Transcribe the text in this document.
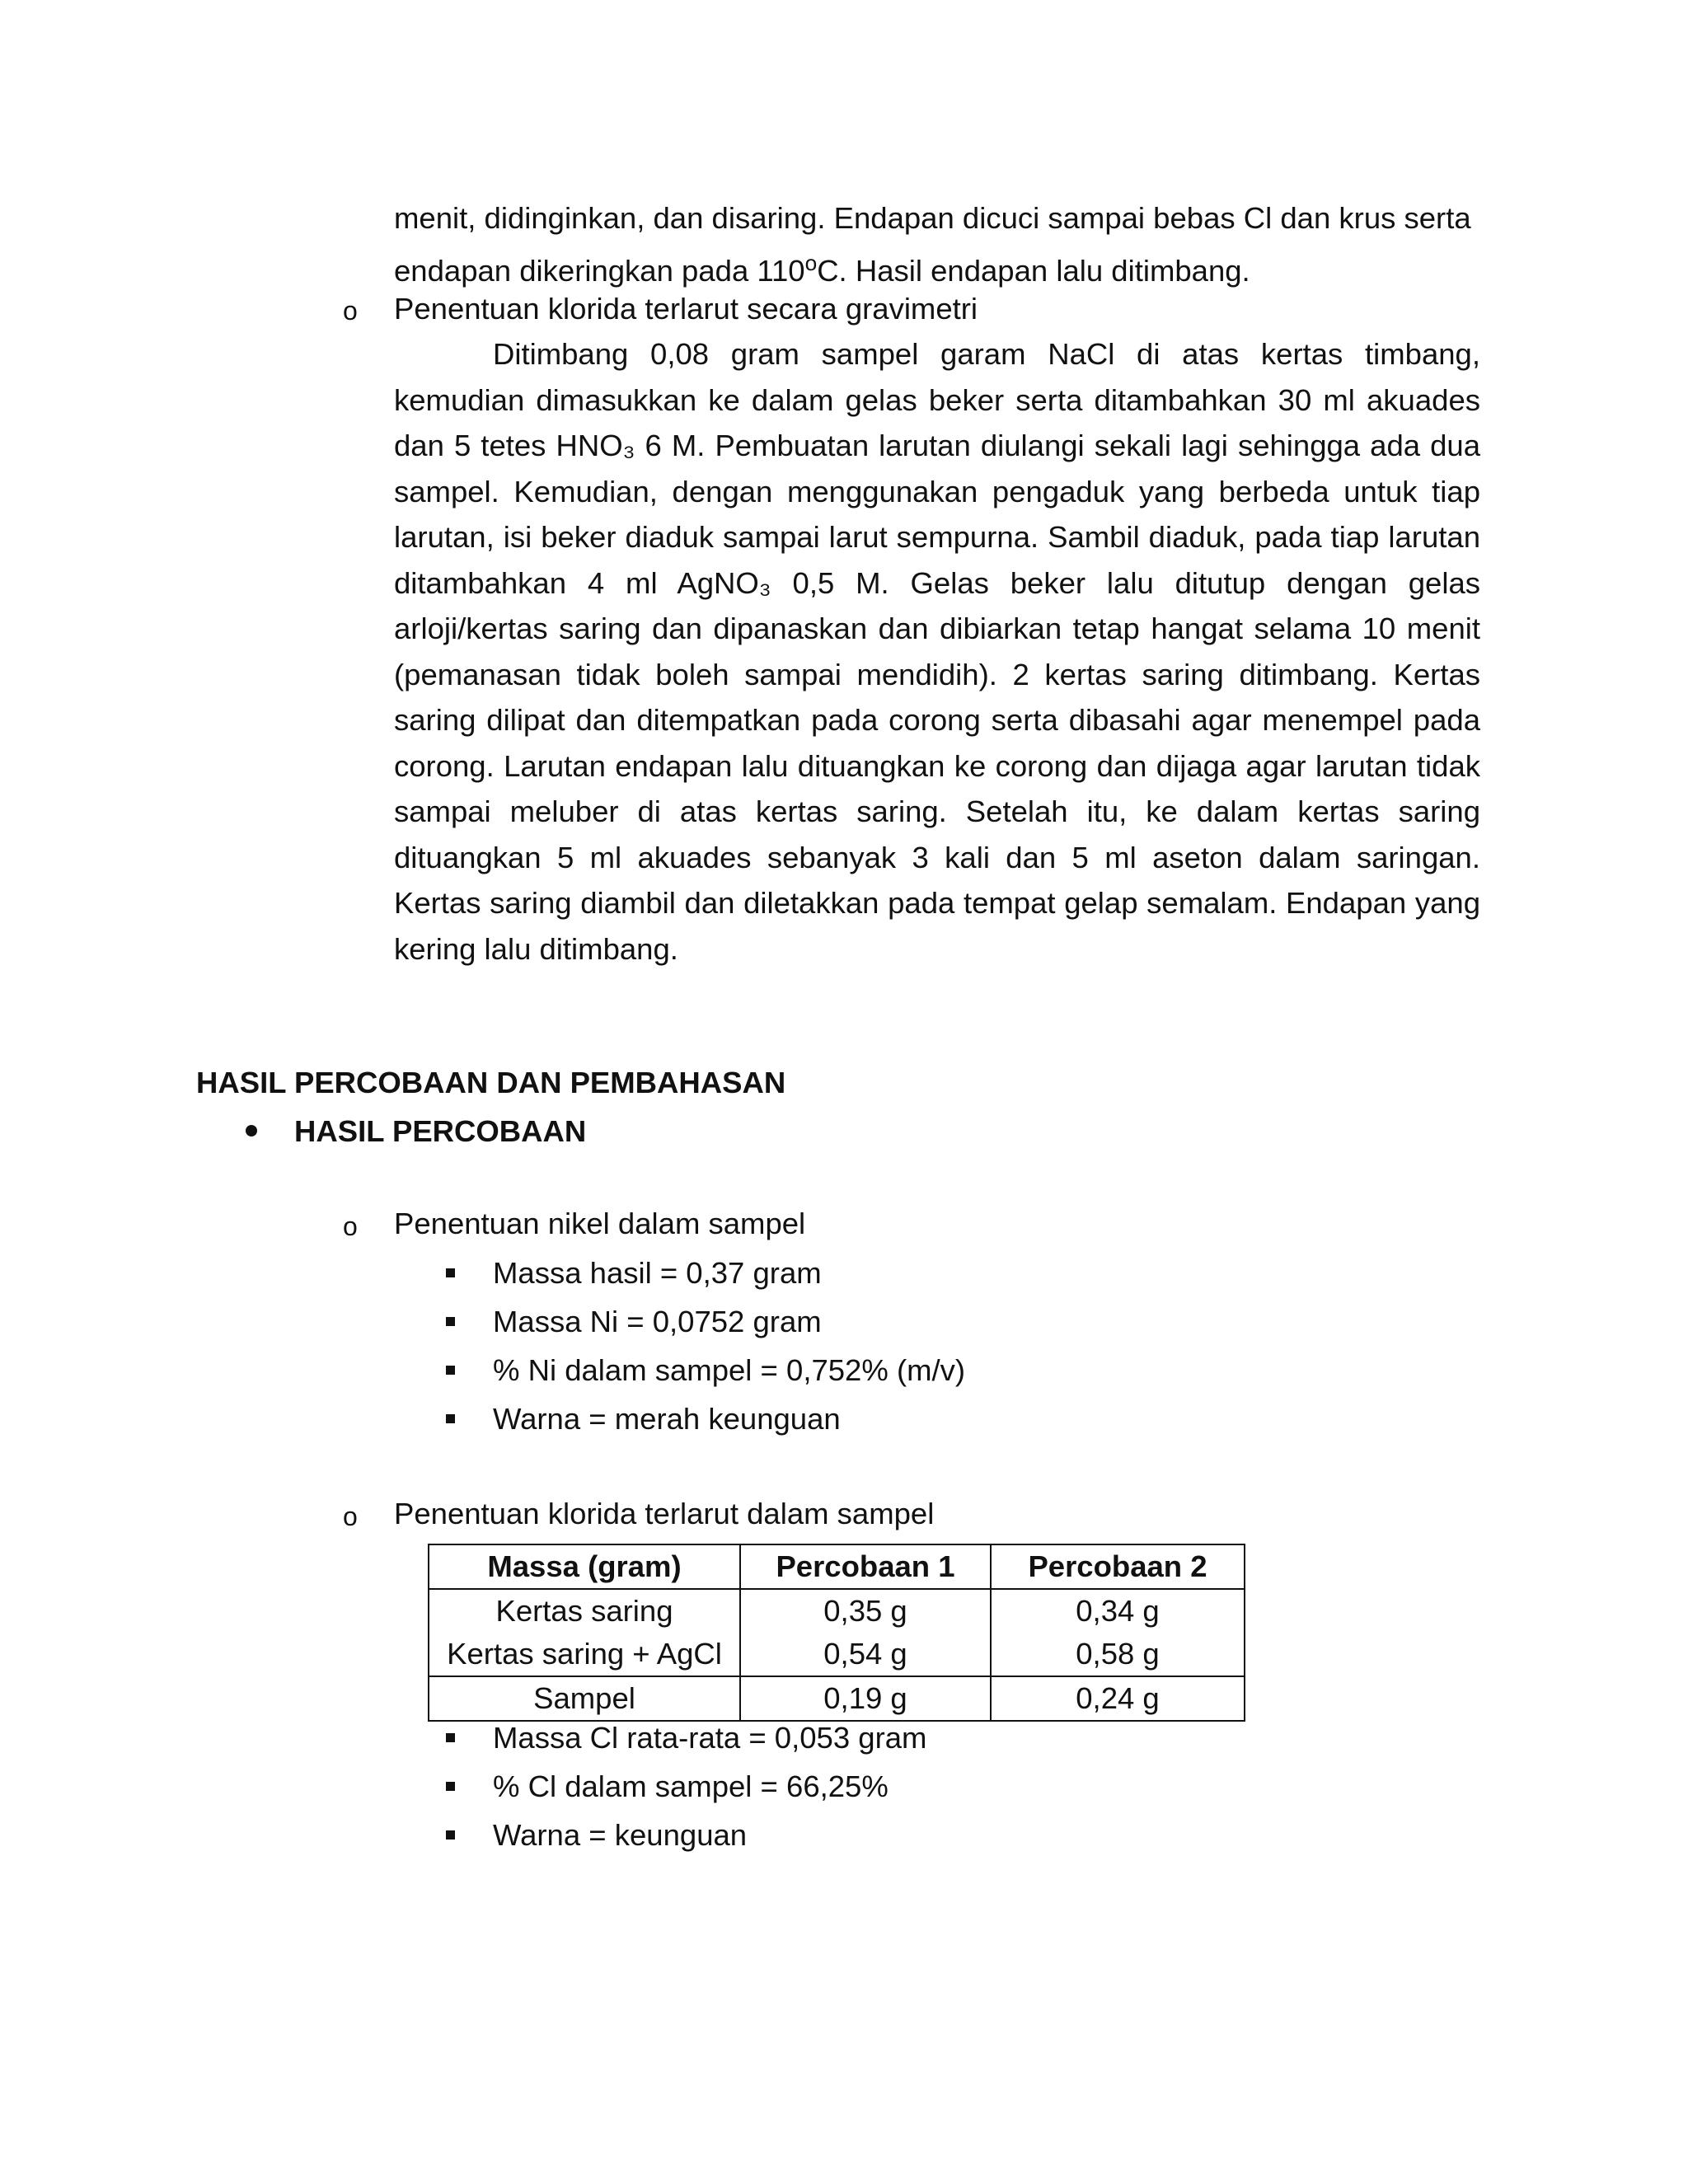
menit, didinginkan, dan disaring. Endapan dicuci sampai bebas Cl dan krus serta
endapan dikeringkan pada 110$^o$C. Hasil endapan lalu ditimbang.
o Penentuan klorida terlarut secara gravimetri

Ditimbang 0,08 gram sampel garam NaCl di atas kertas timbang, kemudian dimasukkan ke dalam gelas beker serta ditambahkan 30 ml akuades dan 5 tetes HNO₃ 6 M. Pembuatan larutan diulangi sekali lagi sehingga ada dua sampel. Kemudian, dengan menggunakan pengaduk yang berbeda untuk tiap larutan, isi beker diaduk sampai larut sempurna. Sambil diaduk, pada tiap larutan ditambahkan 4 ml AgNO₃ 0,5 M. Gelas beker lalu ditutup dengan gelas arloji/kertas saring dan dipanaskan dan dibiarkan tetap hangat selama 10 menit (pemanasan tidak boleh sampai mendidih). 2 kertas saring ditimbang. Kertas saring dilipat dan ditempatkan pada corong serta dibasahi agar menempel pada corong. Larutan endapan lalu dituangkan ke corong dan dijaga agar larutan tidak sampai meluber di atas kertas saring. Setelah itu, ke dalam kertas saring dituangkan 5 ml akuades sebanyak 3 kali dan 5 ml aseton dalam saringan. Kertas saring diambil dan diletakkan pada tempat gelap semalam. Endapan yang kering lalu ditimbang.

HASIL PERCOBAAN DAN PEMBAHASAN
HASIL PERCOBAAN
o Penentuan nikel dalam sampel
Massa hasil = 0,37 gram
Massa Ni = 0,0752 gram
% Ni dalam sampel = 0,752% (m/v)
Warna = merah keunguan
o Penentuan klorida terlarut dalam sampel
Massa (gram)	Percobaan 1	Percobaan 2
Kertas saring	0,35 g	0,34 g
Kertas saring + AgCl	0,54 g	0,58 g
Sampel	0,19 g	0,24 g
Massa Cl rata-rata = 0,053 gram
% Cl dalam sampel = 66,25%
Warna = keunguan
